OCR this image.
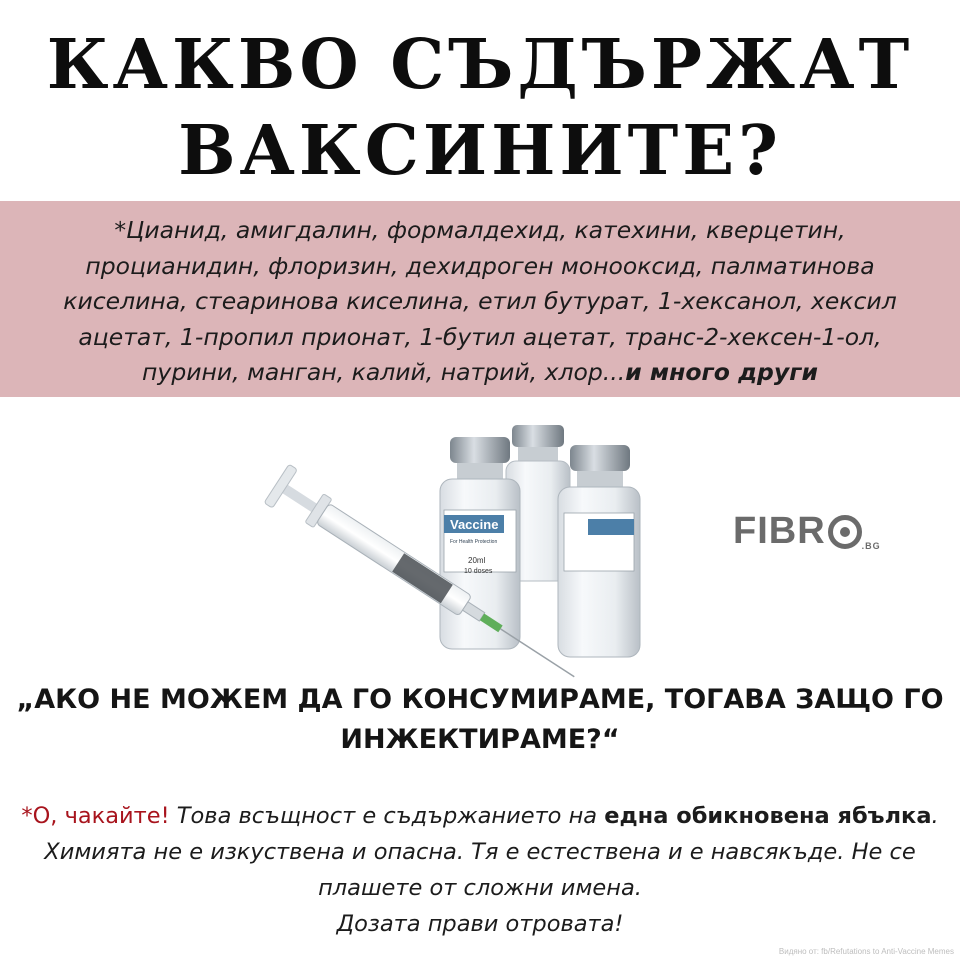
КАКВО СЪДЪРЖАТ
ВАКСИНИТЕ?
*Цианид, амигдалин, формалдехид, катехини, кверцетин, процианидин, флоризин, дехидроген монооксид, палматинова киселина, стеаринова киселина, етил бутурат, 1-хексанол, хексил ацетат, 1-пропил прионат, 1-бутил ацетат, транс-2-хексен-1-ол, пурини, манган, калий, натрий, хлор...и много други
Vaccine
For Health Protection
20ml
10 doses
FIBR	.BG
„АКО НЕ МОЖЕМ ДА ГО КОНСУМИРАМЕ, ТОГАВА ЗАЩО ГО ИНЖЕКТИРАМЕ?“
*О, чакайте! Това всъщност е съдържанието на една обикновена ябълка. Химията не е изкуствена и опасна. Тя е естествена и е навсякъде. Не се плашете от сложни имена.
Дозата прави отровата!
Видяно от: fb/Refutations to Anti-Vaccine Memes
